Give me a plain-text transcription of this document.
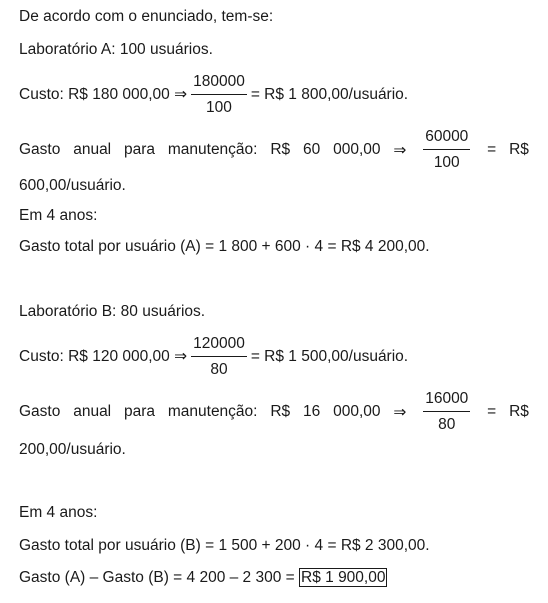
De acordo com o enunciado, tem-se:
Laboratório A: 100 usuários.
Custo: R$ 180 000,00 ⇒ $\frac{180000}{100}$ = R$ 1 800,00/usuário.
Gasto anual para manutenção: R$ 60 000,00 ⇒ $\frac{60000}{100}$ = R$
600,00/usuário.
Em 4 anos:
Gasto total por usuário (A) = 1 800 + 600 · 4 = R$ 4 200,00.
Laboratório B: 80 usuários.
Custo: R$ 120 000,00 ⇒ $\frac{120000}{80}$ = R$ 1 500,00/usuário.
Gasto anual para manutenção: R$ 16 000,00 ⇒ $\frac{16000}{80}$ = R$
200,00/usuário.
Em 4 anos:
Gasto total por usuário (B) = 1 500 + 200 · 4 = R$ 2 300,00.
Gasto (A) – Gasto (B) = 4 200 – 2 300 = R$ 1 900,00
